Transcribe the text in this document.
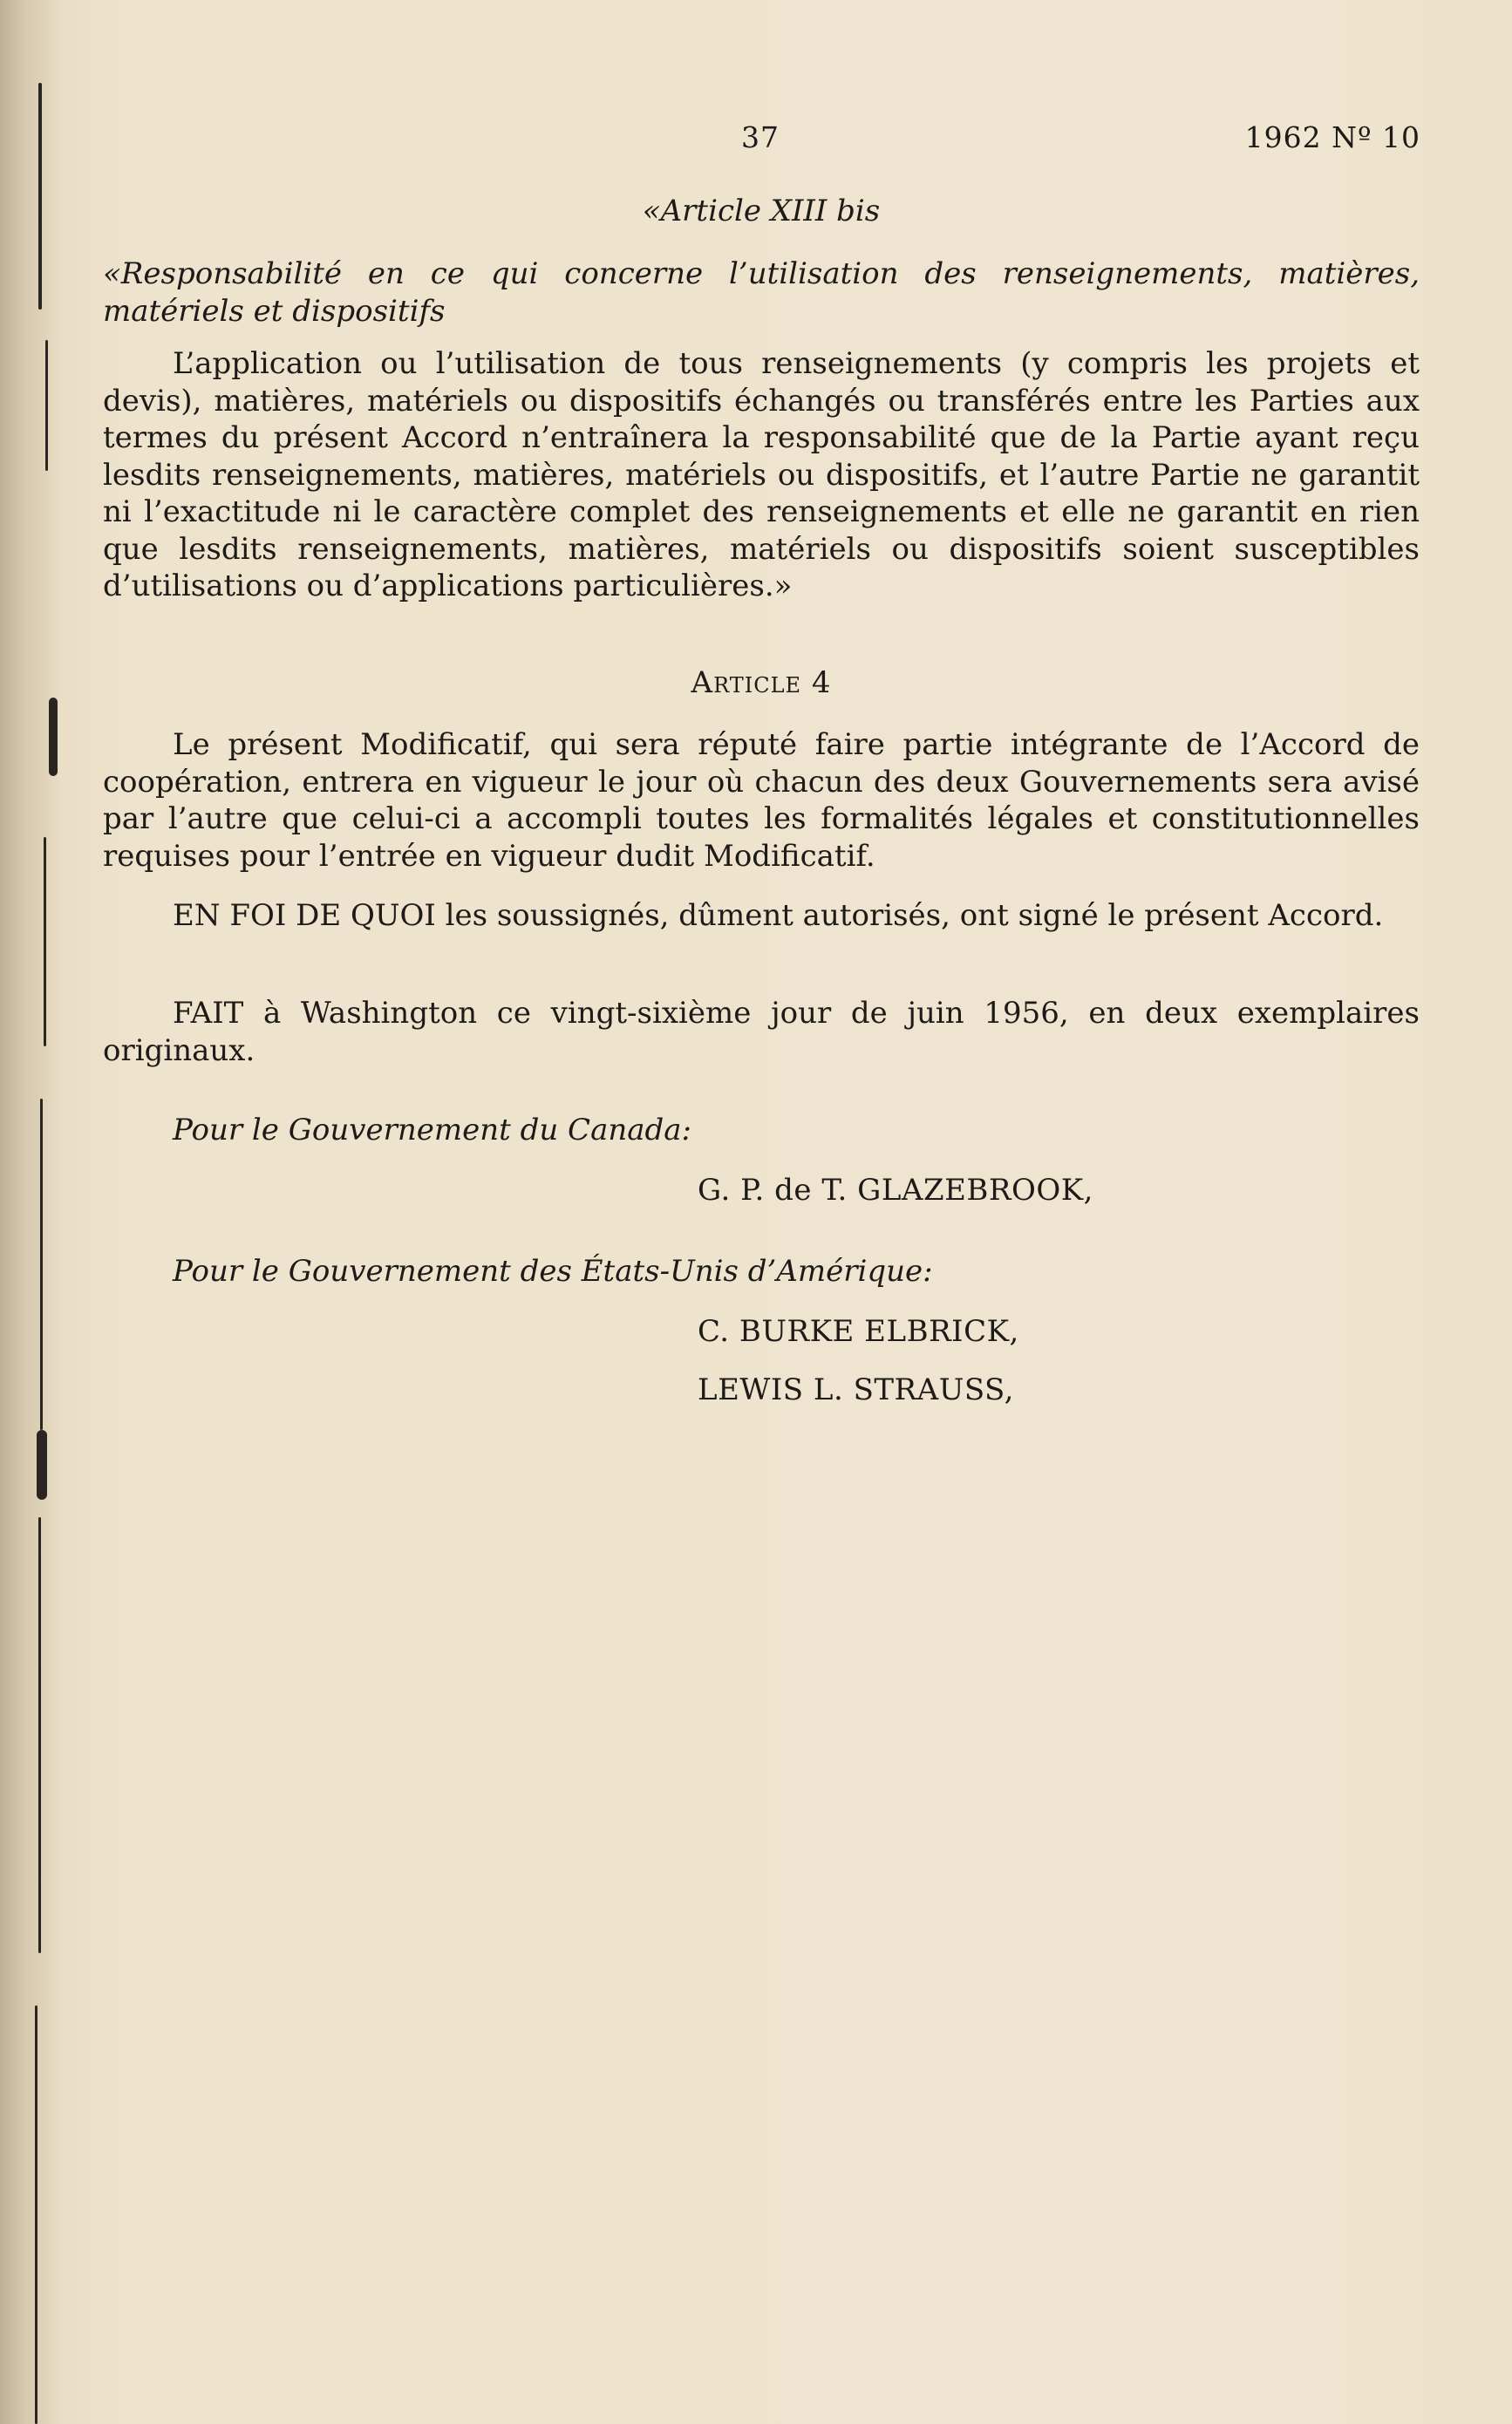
37	1962 Nº 10
«Article XIII bis
«Responsabilité en ce qui concerne l’utilisation des renseignements, matières, matériels et dispositifs
L’application ou l’utilisation de tous renseignements (y compris les projets et devis), matières, matériels ou dispositifs échangés ou transférés entre les Parties aux termes du présent Accord n’entraînera la responsabilité que de la Partie ayant reçu lesdits renseignements, matières, matériels ou dispositifs, et l’autre Partie ne garantit ni l’exactitude ni le caractère complet des renseignements et elle ne garantit en rien que lesdits renseignements, matières, matériels ou dispositifs soient susceptibles d’utilisations ou d’applications particulières.»
Article 4
Le présent Modificatif, qui sera réputé faire partie intégrante de l’Accord de coopération, entrera en vigueur le jour où chacun des deux Gouvernements sera avisé par l’autre que celui-ci a accompli toutes les formalités légales et constitutionnelles requises pour l’entrée en vigueur dudit Modificatif.
EN FOI DE QUOI les soussignés, dûment autorisés, ont signé le présent Accord.
FAIT à Washington ce vingt-sixième jour de juin 1956, en deux exemplaires originaux.
Pour le Gouvernement du Canada:
G. P. de T. GLAZEBROOK,
Pour le Gouvernement des États-Unis d’Amérique:
C. BURKE ELBRICK,
LEWIS L. STRAUSS,
